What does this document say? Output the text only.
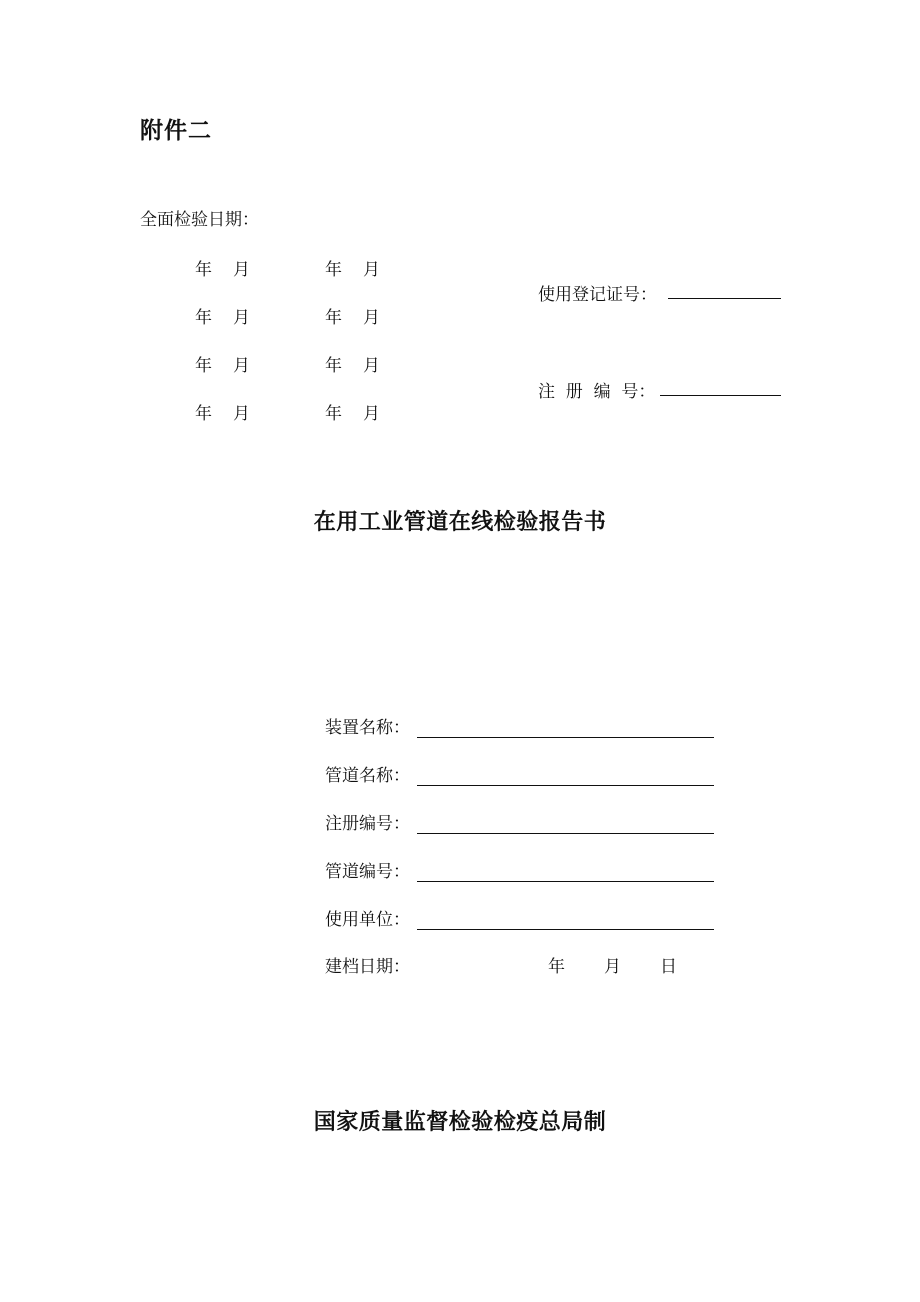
附件二
全面检验日期：
年 月	年 月
年 月	年 月
年 月	年 月
年 月	年 月
使用登记证号：
注  册  编  号：
在用工业管道在线检验报告书
装置名称：
管道名称：
注册编号：
管道编号：
使用单位：
建档日期：	年 月 日
国家质量监督检验检疫总局制
